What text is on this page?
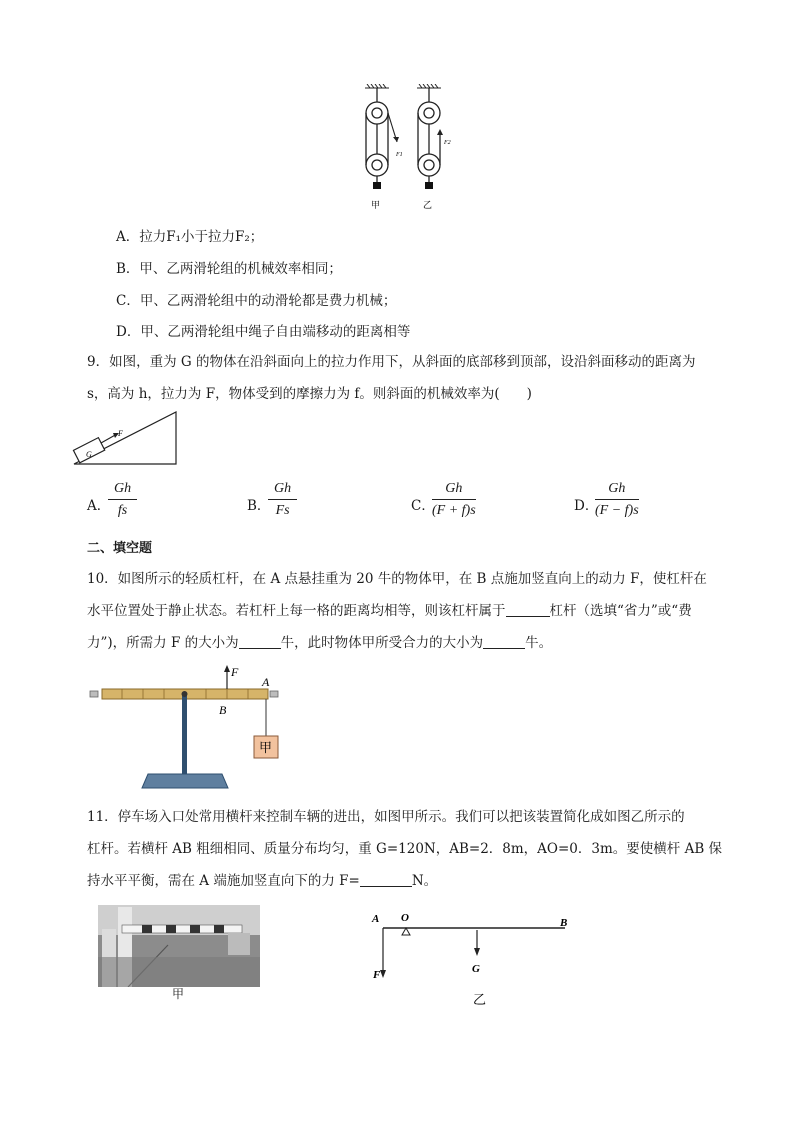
F1
F2
甲	乙
A．拉力F₁小于拉力F₂；
B．甲、乙两滑轮组的机械效率相同；
C．甲、乙两滑轮组中的动滑轮都是费力机械；
D．甲、乙两滑轮组中绳子自由端移动的距离相等
9．如图，重为 G 的物体在沿斜面向上的拉力作用下，从斜面的底部移到顶部，设沿斜面移动的距离为
s，高为 h，拉力为 F，物体受到的摩擦力为 f。则斜面的机械效率为(　　)
G
F
A．
$\frac{Gh}{fs}$	B．
$\frac{Gh}{Fs}$	C．
$\frac{Gh}{(F + f)s}$	D．
$\frac{Gh}{(F - f)s}$
二、填空题
10．如图所示的轻质杠杆，在 A 点悬挂重为 20 牛的物体甲，在 B 点施加竖直向上的动力 F，使杠杆在
水平位置处于静止状态。若杠杆上每一格的距离均相等，则该杠杆属于	杠杆（选填“省力”或“费
力”)，所需力 F 的大小为	牛，此时物体甲所受合力的大小为	牛。
F
B
A
甲
11．停车场入口处常用横杆来控制车辆的进出，如图甲所示。我们可以把该装置简化成如图乙所示的
杠杆。若横杆 AB 粗细相同、质量分布均匀，重 G=120N，AB=2．8m，AO=0．3m。要使横杆 AB 保
持水平平衡，需在 A 端施加竖直向下的力 F=	N。
甲
A O	B
F	G
乙
